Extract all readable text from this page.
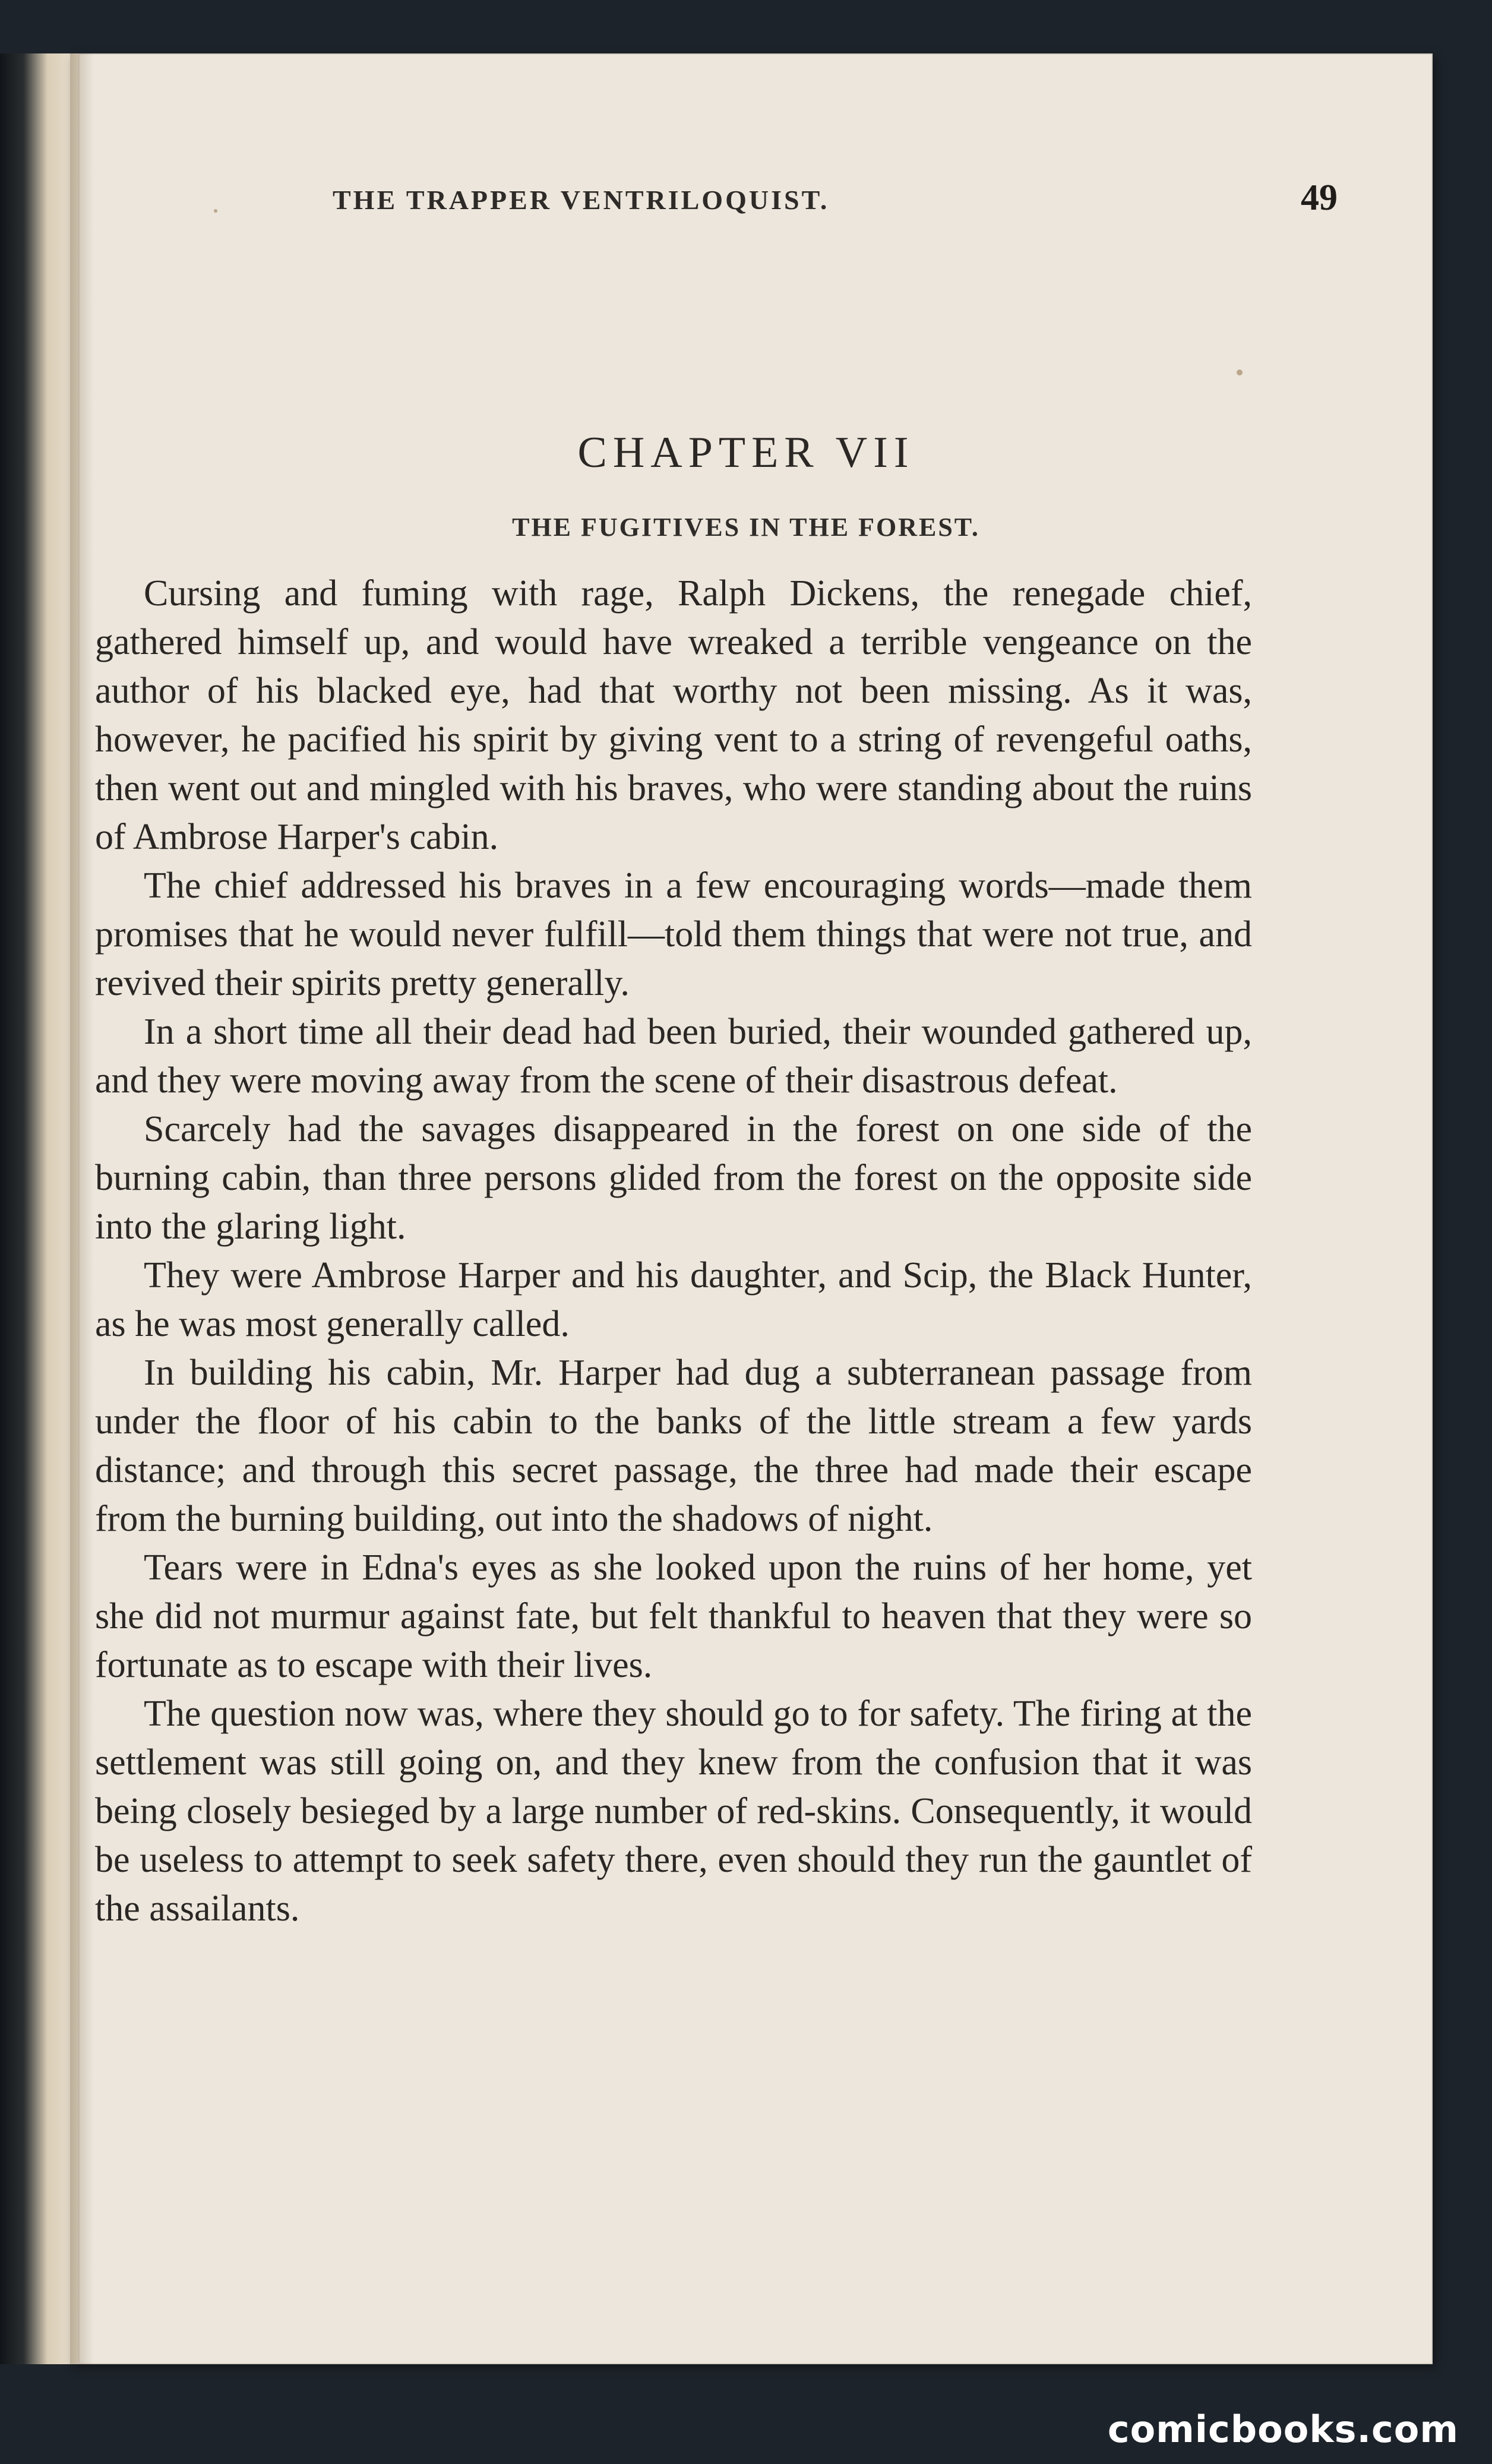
THE TRAPPER VENTRILOQUIST.	49
CHAPTER VII
THE FUGITIVES IN THE FOREST.

Cursing and fuming with rage, Ralph Dickens, the renegade chief, gathered himself up, and would have wreaked a terrible vengeance on the author of his blacked eye, had that worthy not been missing. As it was, however, he pacified his spirit by giving vent to a string of revengeful oaths, then went out and mingled with his braves, who were standing about the ruins of Ambrose Harper's cabin.

The chief addressed his braves in a few encouraging words—made them promises that he would never fulfill—told them things that were not true, and revived their spirits pretty generally.

In a short time all their dead had been buried, their wounded gathered up, and they were moving away from the scene of their disastrous defeat.

Scarcely had the savages disappeared in the forest on one side of the burning cabin, than three persons glided from the forest on the opposite side into the glaring light.

They were Ambrose Harper and his daughter, and Scip, the Black Hunter, as he was most generally called.

In building his cabin, Mr. Harper had dug a subterranean passage from under the floor of his cabin to the banks of the little stream a few yards distance; and through this secret passage, the three had made their escape from the burning building, out into the shadows of night.

Tears were in Edna's eyes as she looked upon the ruins of her home, yet she did not murmur against fate, but felt thankful to heaven that they were so fortunate as to escape with their lives.

The question now was, where they should go to for safety. The firing at the settlement was still going on, and they knew from the confusion that it was being closely besieged by a large number of red-skins. Consequently, it would be useless to attempt to seek safety there, even should they run the gauntlet of the assailants.

comicbooks.com
